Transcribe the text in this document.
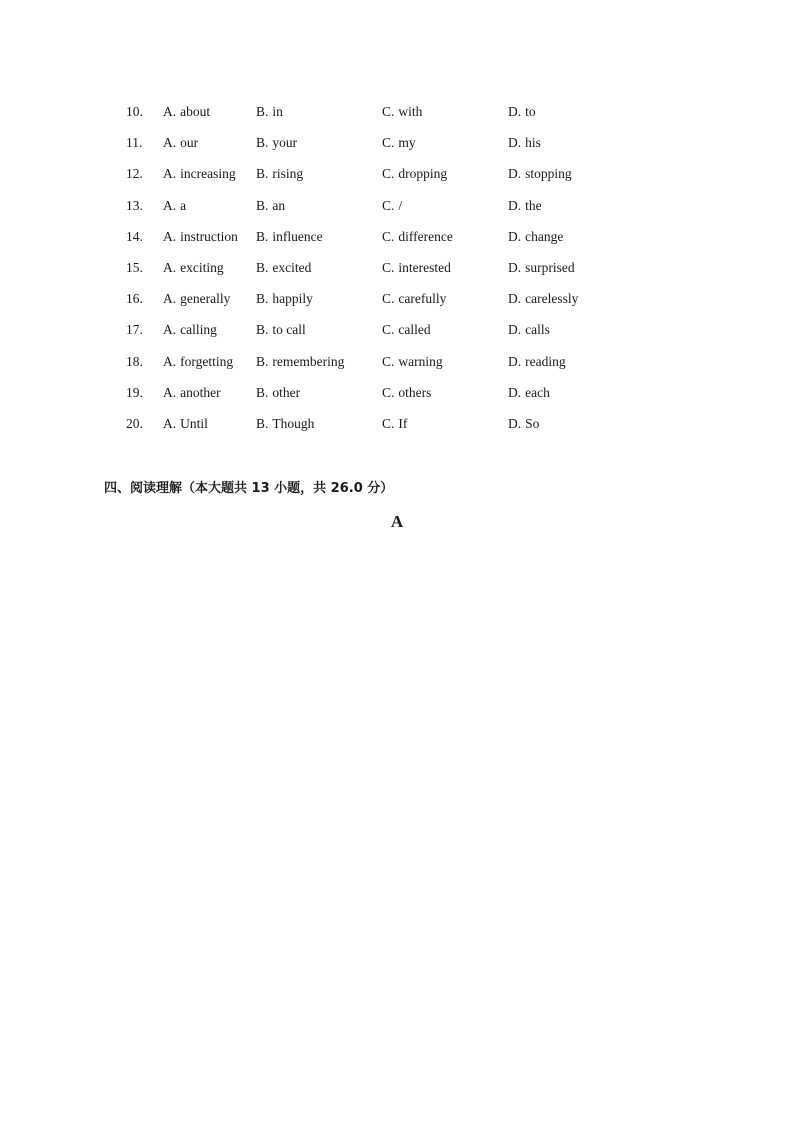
10.	A. about	B. in	C. with	D. to
11.	A. our	B. your	C. my	D. his
12.	A. increasing B. rising	C. dropping	D. stopping
13.	A. a	B. an	C. /	D. the
14.	A. instruction B. influence	C. difference	D. change
15.	A. exciting B. excited	C. interested	D. surprised
16.	A. generally B. happily	C. carefully	D. carelessly
17.	A. calling	B. to call	C. called	D. calls
18.	A. forgetting B. remembering	C. warning	D. reading
19.	A. another	B. other	C. others	D. each
20.	A. Until	B. Though	C. If	D. So
四、阅读理解（本大题共 13 小题，共 26.0 分）
A
